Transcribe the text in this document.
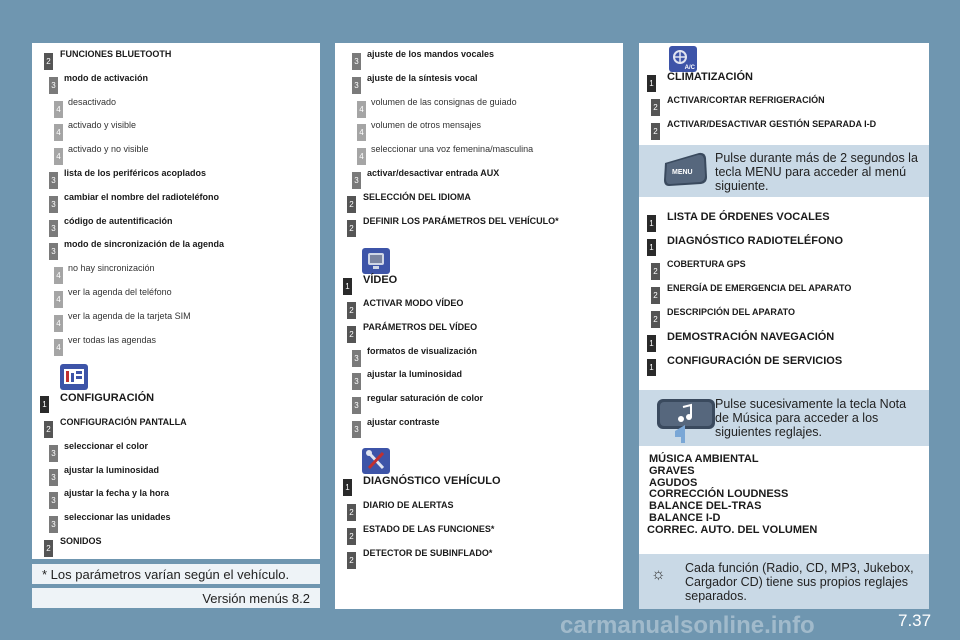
2
FUNCIONES BLUETOOTH
3
modo de activación
4
desactivado
4
activado y visible
4
activado y no visible
3
lista de los periféricos acoplados
3
cambiar el nombre del radioteléfono
3
código de autentificación
3
modo de sincronización de la agenda
4
no hay sincronización
4
ver la agenda del teléfono
4
ver la agenda de la tarjeta SIM
4
ver todas las agendas
1
CONFIGURACIÓN
2
CONFIGURACIÓN PANTALLA
3
seleccionar el color
3
ajustar la luminosidad
3
ajustar la fecha y la hora
3
seleccionar las unidades
2
SONIDOS
* Los parámetros varían según el vehículo.
Versión menús 8.2
3
ajuste de los mandos vocales
3
ajuste de la síntesis vocal
4
volumen de las consignas de guiado
4
volumen de otros mensajes
4
seleccionar una voz femenina/masculina
3
activar/desactivar entrada AUX
2
SELECCIÓN DEL IDIOMA
2
DEFINIR LOS PARÁMETROS DEL VEHÍCULO*
1
VÍDEO
2
ACTIVAR MODO VÍDEO
2
PARÁMETROS DEL VÍDEO
3
formatos de visualización
3
ajustar la luminosidad
3
regular saturación de color
3
ajustar contraste
1
DIAGNÓSTICO VEHÍCULO
2
DIARIO DE ALERTAS
2
ESTADO DE LAS FUNCIONES*
2
DETECTOR DE SUBINFLADO*
A/C
1
CLIMATIZACIÓN
2
ACTIVAR/CORTAR REFRIGERACIÓN
2
ACTIVAR/DESACTIVAR GESTIÓN SEPARADA I-D
MENU
Pulse durante más de 2 segundos la
tecla MENU para acceder al menú
siguiente.
1
LISTA DE ÓRDENES VOCALES
1
DIAGNÓSTICO RADIOTELÉFONO
2
COBERTURA GPS
2
ENERGÍA DE EMERGENCIA DEL APARATO
2
DESCRIPCIÓN DEL APARATO
1
DEMOSTRACIÓN NAVEGACIÓN
1
CONFIGURACIÓN DE SERVICIOS
Pulse sucesivamente la tecla Nota
de Música para acceder a los
siguientes reglajes.
MÚSICA AMBIENTAL
GRAVES
AGUDOS
CORRECCIÓN LOUDNESS
BALANCE DEL-TRAS
BALANCE I-D
CORREC. AUTO. DEL VOLUMEN
☼ Cada función (Radio, CD, MP3, Jukebox,
Cargador CD) tiene sus propios reglajes
separados.
7.37
carmanualsonline.info
